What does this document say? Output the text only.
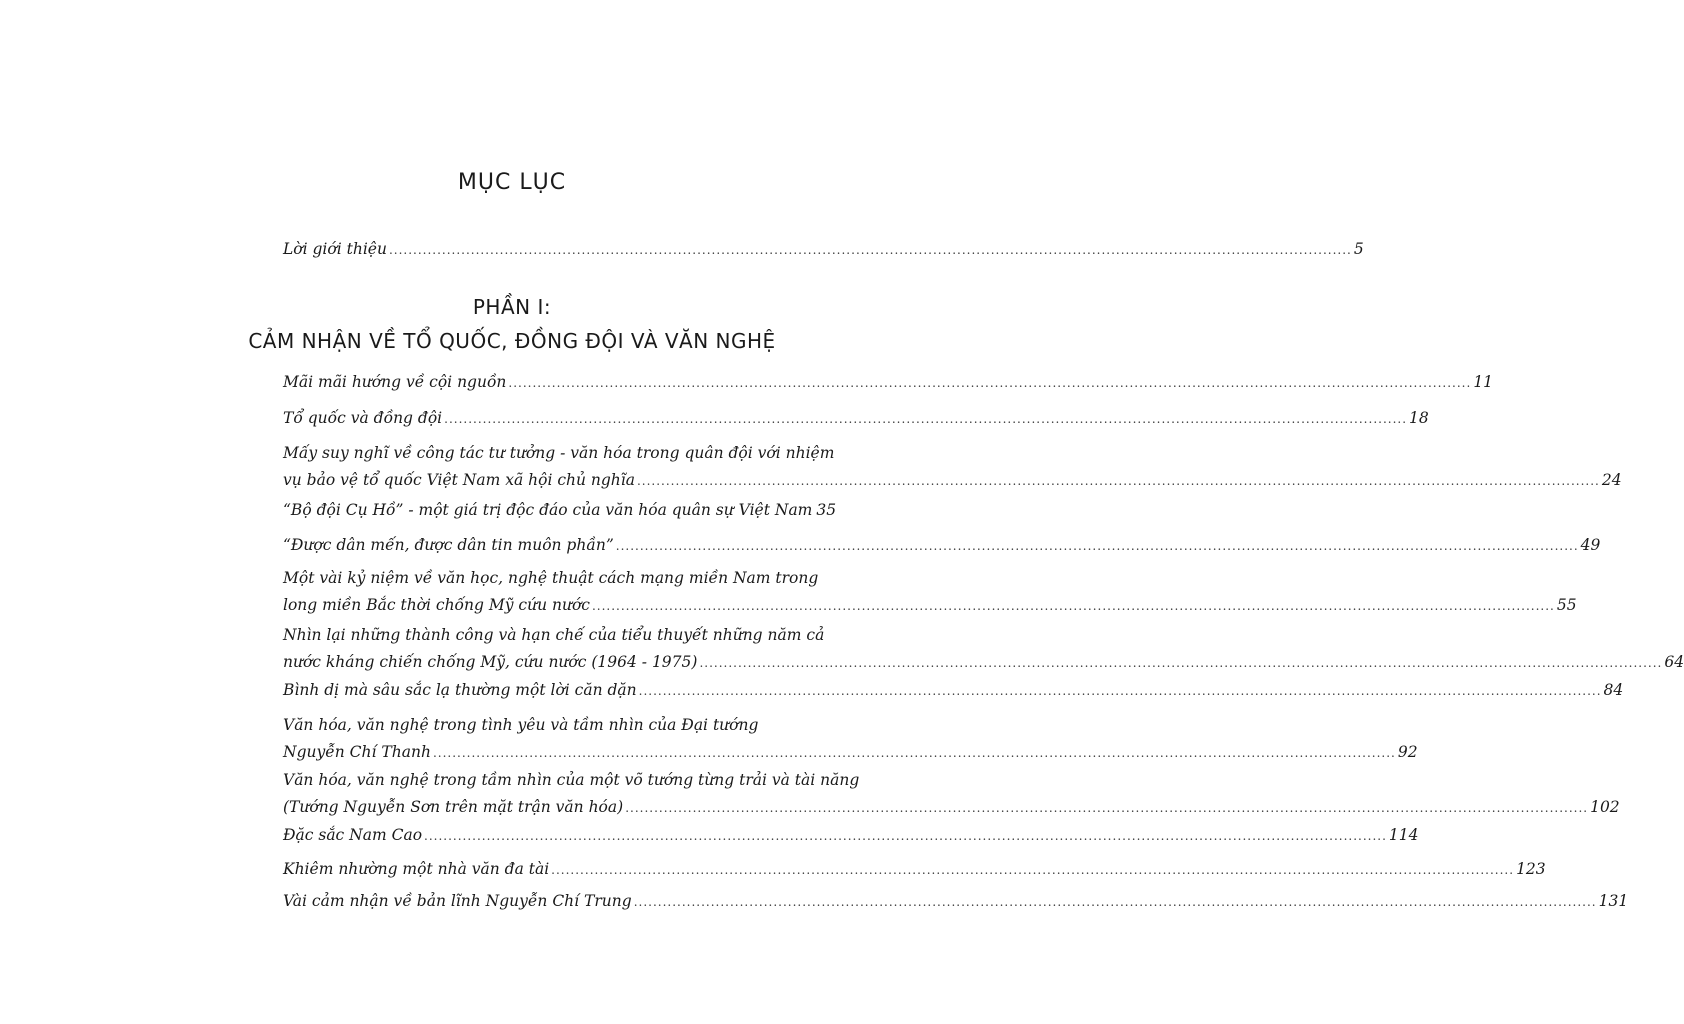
MỤC LỤC
Lời giới thiệu ........................................................................................................................................................................................................ 5
PHẦN I:
CẢM NHẬN VỀ TỔ QUỐC, ĐỒNG ĐỘI VÀ VĂN NGHỆ
Mãi mãi hướng về cội nguồn ........................................................................................................................................................................................................ 11
Tổ quốc và đồng đội ........................................................................................................................................................................................................ 18
Mấy suy nghĩ về công tác tư tưởng - văn hóa trong quân đội với nhiệm
vụ bảo vệ tổ quốc Việt Nam xã hội chủ nghĩa ........................................................................................................................................................................................................ 24
“Bộ đội Cụ Hồ” - một giá trị độc đáo của văn hóa quân sự Việt Nam 35
“Được dân mến, được dân tin muôn phần” ........................................................................................................................................................................................................ 49
Một vài kỷ niệm về văn học, nghệ thuật cách mạng miền Nam trong
long miền Bắc thời chống Mỹ cứu nước ........................................................................................................................................................................................................ 55
Nhìn lại những thành công và hạn chế của tiểu thuyết những năm cả
nước kháng chiến chống Mỹ, cứu nước (1964 - 1975) ........................................................................................................................................................................................................ 64
Bình dị mà sâu sắc lạ thường một lời căn dặn ........................................................................................................................................................................................................ 84
Văn hóa, văn nghệ trong tình yêu và tầm nhìn của Đại tướng
Nguyễn Chí Thanh ........................................................................................................................................................................................................ 92
Văn hóa, văn nghệ trong tầm nhìn của một võ tướng từng trải và tài năng
(Tướng Nguyễn Sơn trên mặt trận văn hóa) ........................................................................................................................................................................................................ 102
Đặc sắc Nam Cao ........................................................................................................................................................................................................ 114
Khiêm nhường một nhà văn đa tài ........................................................................................................................................................................................................ 123
Vài cảm nhận về bản lĩnh Nguyễn Chí Trung ........................................................................................................................................................................................................ 131
